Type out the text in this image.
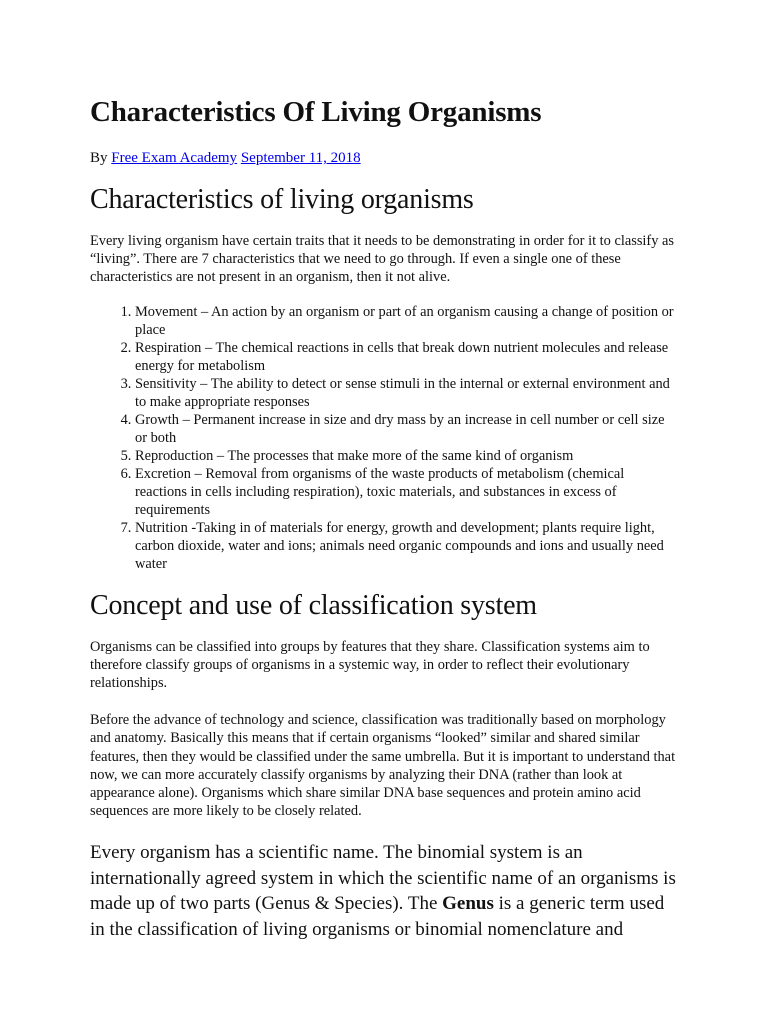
Characteristics Of Living Organisms
By Free Exam Academy September 11, 2018
Characteristics of living organisms

Every living organism have certain traits that it needs to be demonstrating in order for it to classify as “living”. There are 7 characteristics that we need to go through. If even a single one of these characteristics are not present in an organism, then it not alive.

1. Movement – An action by an organism or part of an organism causing a change of position or place
2. Respiration – The chemical reactions in cells that break down nutrient molecules and release energy for metabolism
3. Sensitivity – The ability to detect or sense stimuli in the internal or external environment and to make appropriate responses
4. Growth – Permanent increase in size and dry mass by an increase in cell number or cell size or both
5. Reproduction – The processes that make more of the same kind of organism
6. Excretion – Removal from organisms of the waste products of metabolism (chemical reactions in cells including respiration), toxic materials, and substances in excess of requirements
7. Nutrition -Taking in of materials for energy, growth and development; plants require light, carbon dioxide, water and ions; animals need organic compounds and ions and usually need water
Concept and use of classification system

Organisms can be classified into groups by features that they share. Classification systems aim to therefore classify groups of organisms in a systemic way, in order to reflect their evolutionary relationships.

Before the advance of technology and science, classification was traditionally based on morphology and anatomy. Basically this means that if certain organisms “looked” similar and shared similar features, then they would be classified under the same umbrella. But it is important to understand that now, we can more accurately classify organisms by analyzing their DNA (rather than look at appearance alone). Organisms which share similar DNA base sequences and protein amino acid sequences are more likely to be closely related.

Every organism has a scientific name. The binomial system is an internationally agreed system in which the scientific name of an organisms is made up of two parts (Genus & Species). The Genus is a generic term used in the classification of living organisms or binomial nomenclature and
